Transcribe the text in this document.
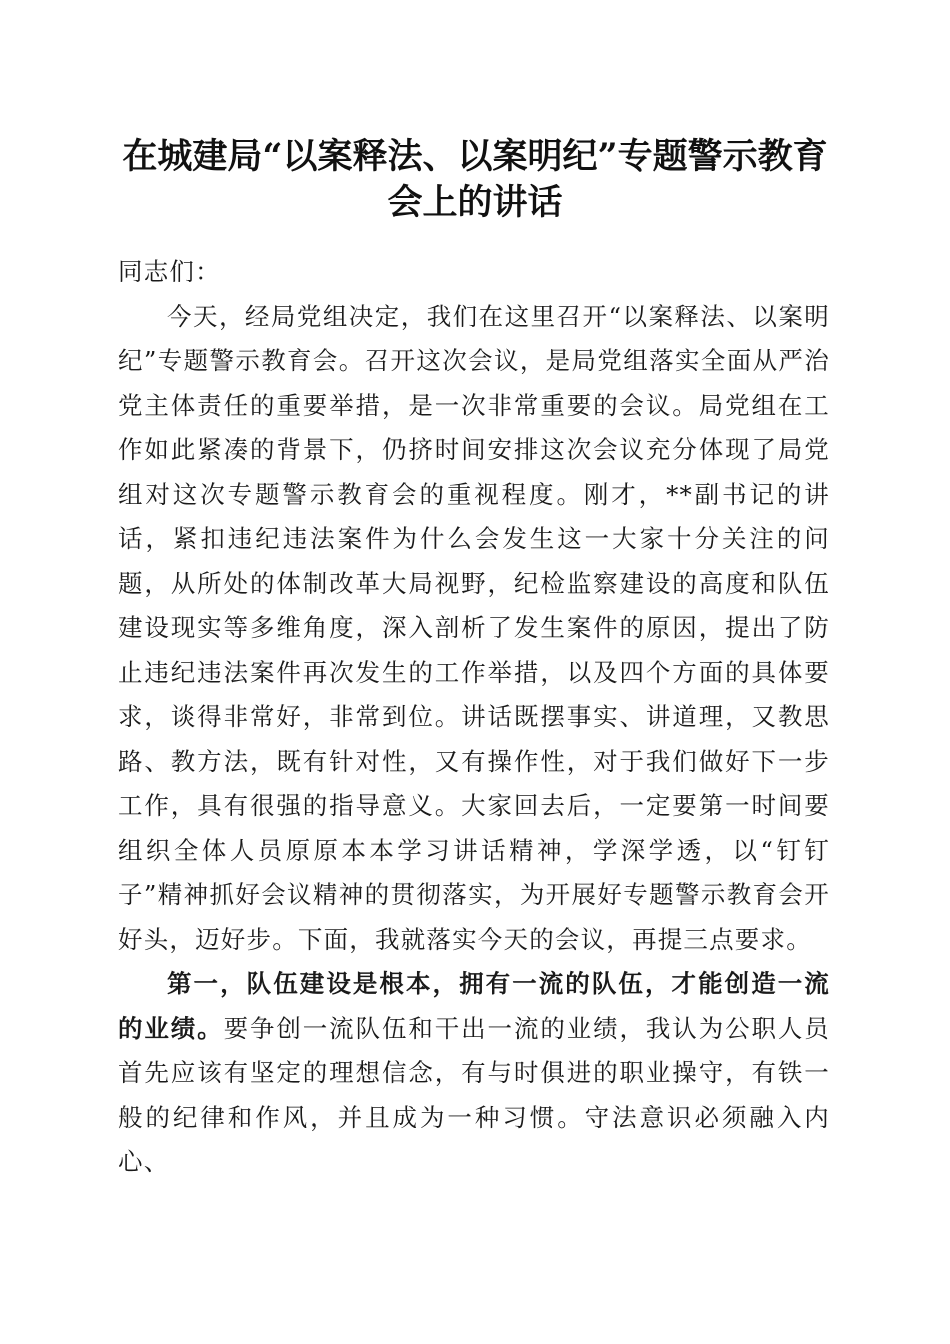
在城建局“以案释法、以案明纪”专题警示教育会上的讲话

同志们：

今天，经局党组决定，我们在这里召开“以案释法、以案明纪”专题警示教育会。召开这次会议，是局党组落实全面从严治党主体责任的重要举措，是一次非常重要的会议。局党组在工作如此紧凑的背景下，仍挤时间安排这次会议充分体现了局党组对这次专题警示教育会的重视程度。刚才，**副书记的讲话，紧扣违纪违法案件为什么会发生这一大家十分关注的问题，从所处的体制改革大局视野，纪检监察建设的高度和队伍建设现实等多维角度，深入剖析了发生案件的原因，提出了防止违纪违法案件再次发生的工作举措，以及四个方面的具体要求，谈得非常好，非常到位。讲话既摆事实、讲道理，又教思路、教方法，既有针对性，又有操作性，对于我们做好下一步工作，具有很强的指导意义。大家回去后，一定要第一时间要组织全体人员原原本本学习讲话精神，学深学透，以“钉钉子”精神抓好会议精神的贯彻落实，为开展好专题警示教育会开好头，迈好步。下面，我就落实今天的会议，再提三点要求。

第一，队伍建设是根本，拥有一流的队伍，才能创造一流的业绩。要争创一流队伍和干出一流的业绩，我认为公职人员首先应该有坚定的理想信念，有与时俱进的职业操守，有铁一般的纪律和作风，并且成为一种习惯。守法意识必须融入内心、
